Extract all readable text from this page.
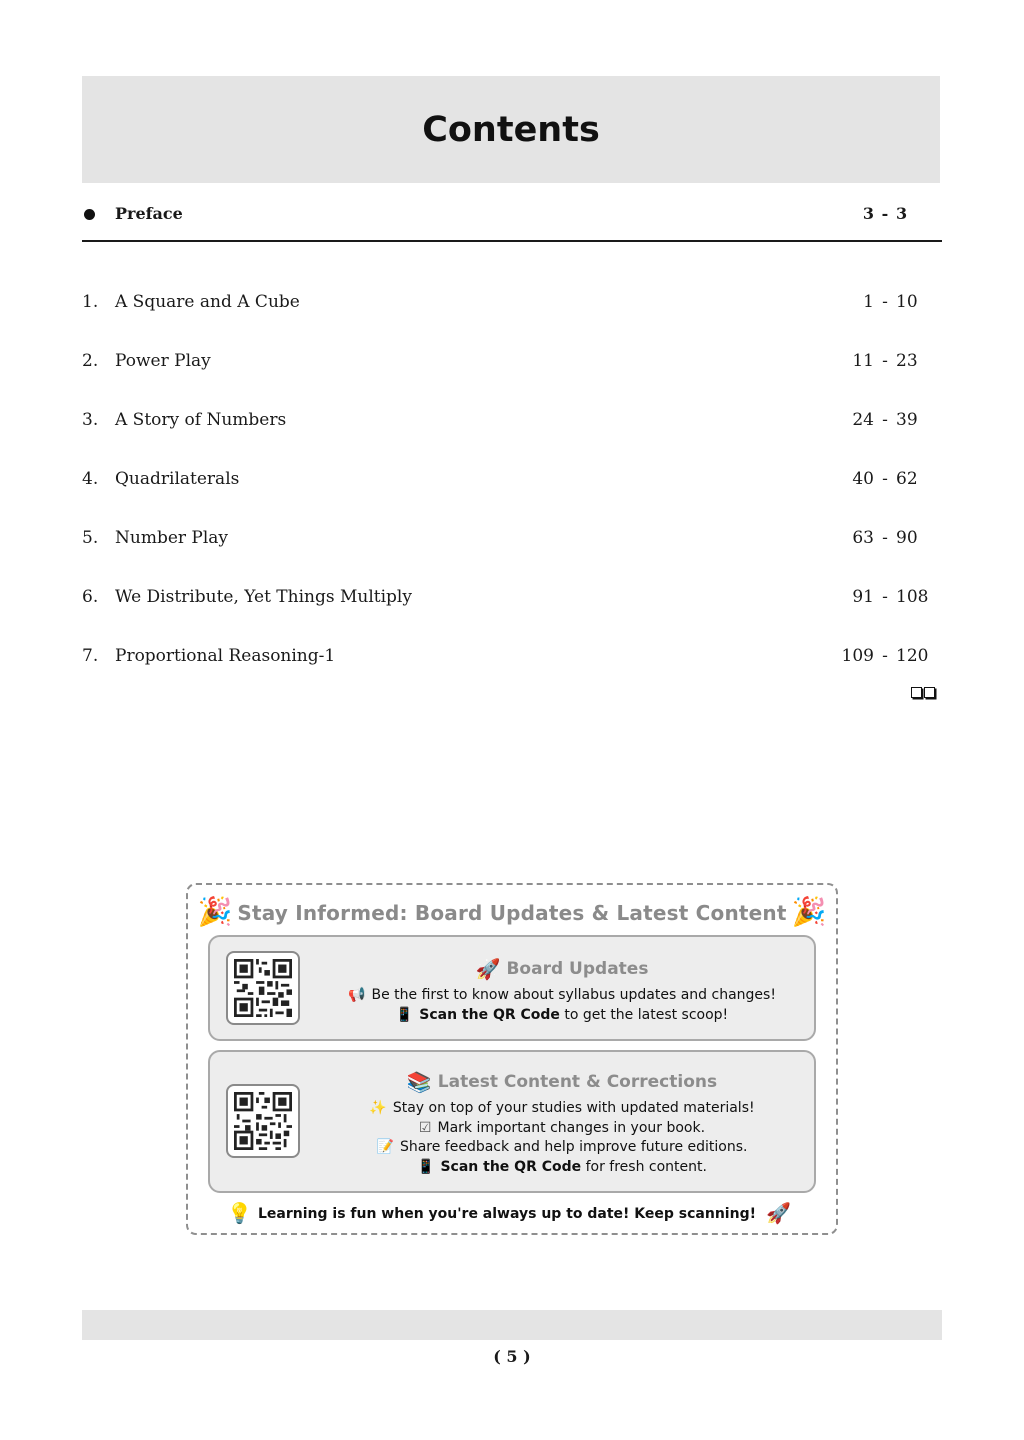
Contents
Preface	3 - 3
1. A Square and A Cube	1 - 10
2. Power Play	11 - 23
3. A Story of Numbers	24 - 39
4. Quadrilaterals	40 - 62
5. Number Play	63 - 90
6. We Distribute, Yet Things Multiply	91 - 108
7. Proportional Reasoning-1	109 - 120
🎉	🎉
Stay Informed: Board Updates & Latest Content
🚀 Board Updates
📢 Be the first to know about syllabus updates and changes!
📱 Scan the QR Code to get the latest scoop!
📚 Latest Content & Corrections
✨ Stay on top of your studies with updated materials!
☑ Mark important changes in your book.
📝 Share feedback and help improve future editions.
📱 Scan the QR Code for fresh content.
💡 Learning is fun when you're always up to date! Keep scanning! 🚀
( 5 )
